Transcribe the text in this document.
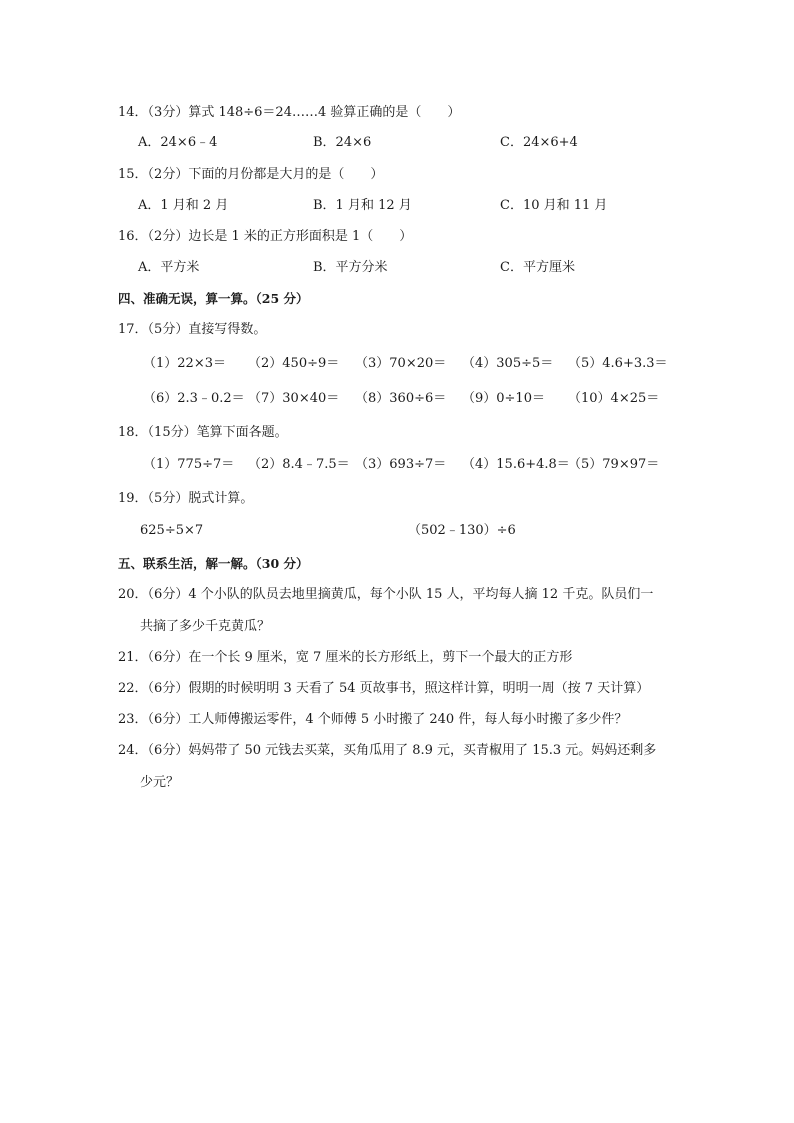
14．（3分）算式 148÷6＝24……4 验算正确的是（　　）
A．24×6﹣4	B．24×6	C．24×6+4
15．（2分）下面的月份都是大月的是（　　）
A．1 月和 2 月	B．1 月和 12 月	C．10 月和 11 月
16．（2分）边长是 1 米的正方形面积是 1（　　）
A．平方米	B．平方分米	C．平方厘米
四、准确无误，算一算。（25 分）
17．（5分）直接写得数。
（1）22×3＝ （2）450÷9＝ （3）70×20＝ （4）305÷5＝ （5）4.6+3.3＝
（6）2.3﹣0.2＝ （7）30×40＝ （8）360÷6＝ （9）0÷10＝ （10）4×25＝
18．（15分）笔算下面各题。
（1）775÷7＝ （2）8.4﹣7.5＝ （3）693÷7＝ （4）15.6+4.8＝
（5）79×97＝
19．（5分）脱式计算。
625÷5×7	（502﹣130）÷6
五、联系生活，解一解。（30 分）
20．（6分）4 个小队的队员去地里摘黄瓜，每个小队 15 人，平均每人摘 12 千克。队员们一
共摘了多少千克黄瓜？
21．（6分）在一个长 9 厘米，宽 7 厘米的长方形纸上，剪下一个最大的正方形
22．（6分）假期的时候明明 3 天看了 54 页故事书，照这样计算，明明一周（按 7 天计算）
23．（6分）工人师傅搬运零件，4 个师傅 5 小时搬了 240 件，每人每小时搬了多少件？
24．（6分）妈妈带了 50 元钱去买菜，买角瓜用了 8.9 元，买青椒用了 15.3 元。妈妈还剩多
少元？
